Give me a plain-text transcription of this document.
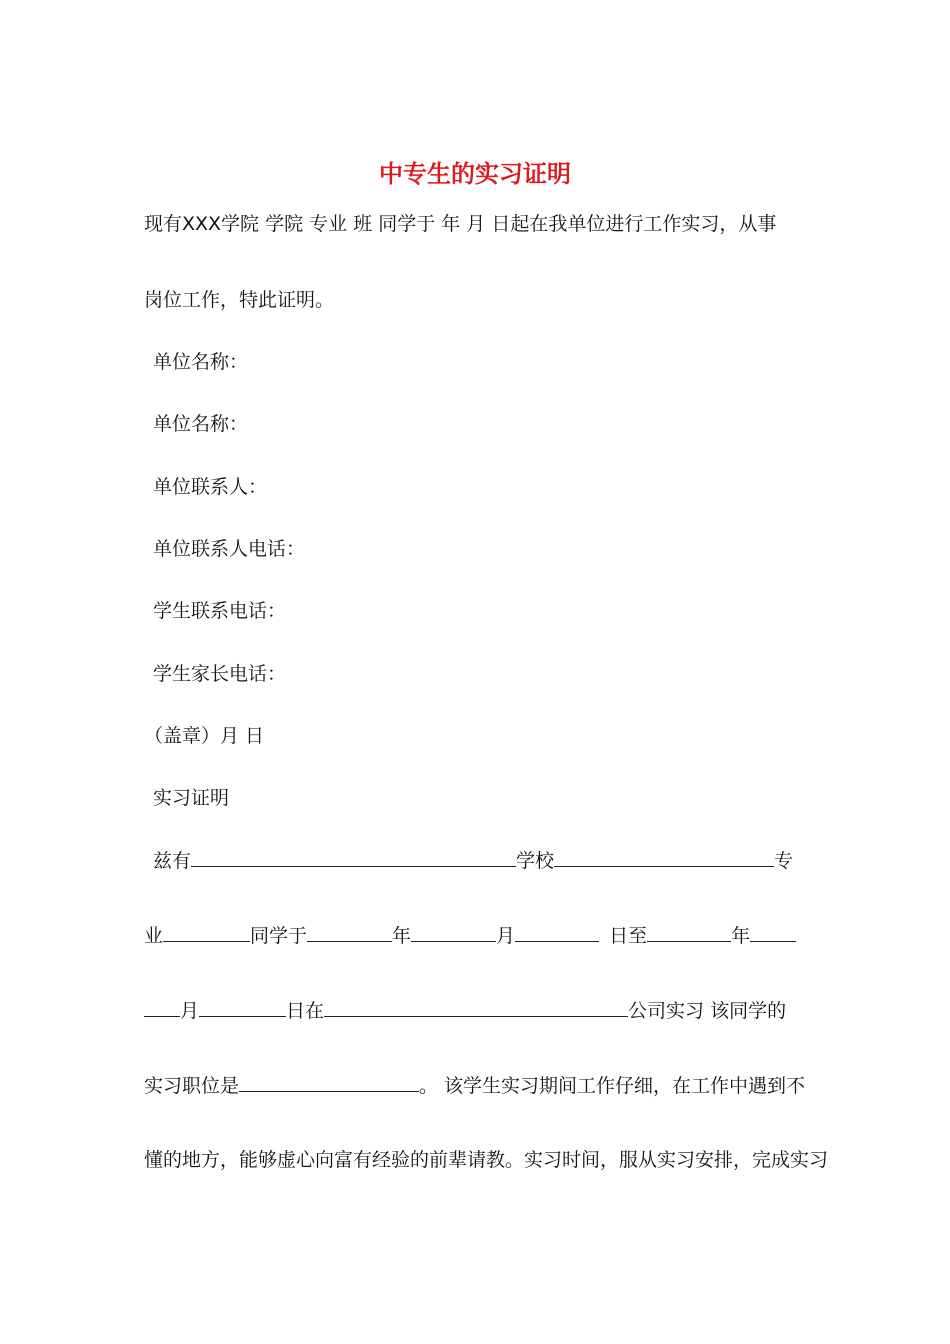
中专生的实习证明
现有XXX学院 学院 专业 班 同学于 年 月 日起在我单位进行工作实习，从事
岗位工作，特此证明。
单位名称：
单位名称：
单位联系人：
单位联系人电话：
学生联系电话：
学生家长电话：
（盖章）月 日
实习证明
兹有	学校	专
业	同学于	年	月	日至	年
月	日在	公司实习 该同学的
实习职位是	。 该学生实习期间工作仔细，在工作中遇到不
懂的地方，能够虚心向富有经验的前辈请教。实习时间，服从实习安排，完成实习
